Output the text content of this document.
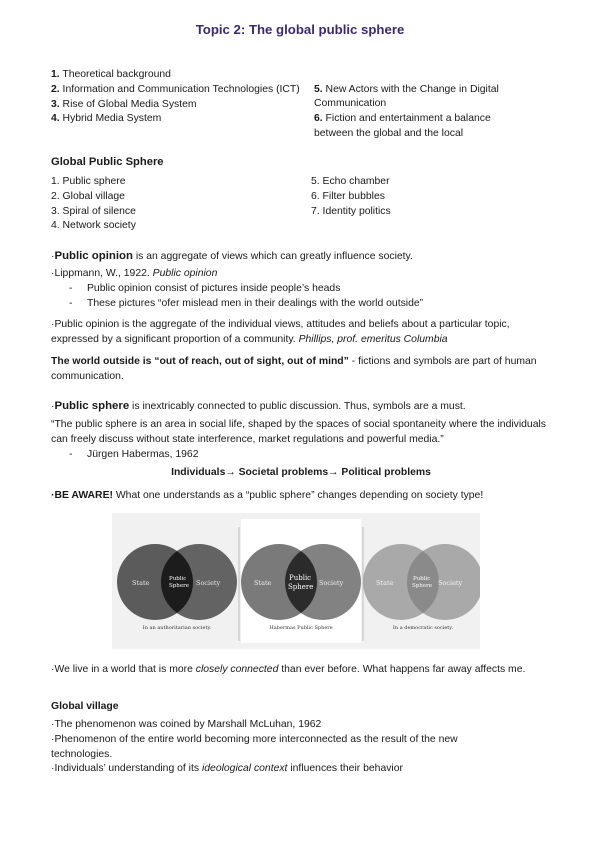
Topic 2: The global public sphere
1. Theoretical background
2. Information and Communication Technologies (ICT)
3. Rise of Global Media System
4. Hybrid Media System
5. New Actors with the Change in Digital Communication
6. Fiction and entertainment a balance between the global and the local
Global Public Sphere
1. Public sphere
2. Global village
3. Spiral of silence
4. Network society
5. Echo chamber
6. Filter bubbles
7. Identity politics
·Public opinion is an aggregate of views which can greatly influence society.
·Lippmann, W., 1922. Public opinion
- Public opinion consist of pictures inside people’s heads
- These pictures “ofer mislead men in their dealings with the world outside”
·Public opinion is the aggregate of the individual views, attitudes and beliefs about a particular topic, expressed by a significant proportion of a community. Phillips, prof. emeritus Columbia
The world outside is “out of reach, out of sight, out of mind” - fictions and symbols are part of human communication.
·Public sphere is inextricably connected to public discussion. Thus, symbols are a must.
“The public sphere is an area in social life, shaped by the spaces of social spontaneity where the individuals can freely discuss without state interference, market regulations and powerful media.”
- Jürgen Habermas, 1962
Individuals→ Societal problems→ Political problems
·BE AWARE! What one understands as a “public sphere” changes depending on society type!
State	Public
Sphere Society
In an authoritarian society.
State
Public
Sphere Society
Habermas Public Sphere
State	Public
Sphere Society
In a democratic society.
·We live in a world that is more closely connected than ever before. What happens far away affects me.
Global village
·The phenomenon was coined by Marshall McLuhan, 1962
·Phenomenon of the entire world becoming more interconnected as the result of the new technologies.
·Individuals’ understanding of its ideological context influences their behavior
